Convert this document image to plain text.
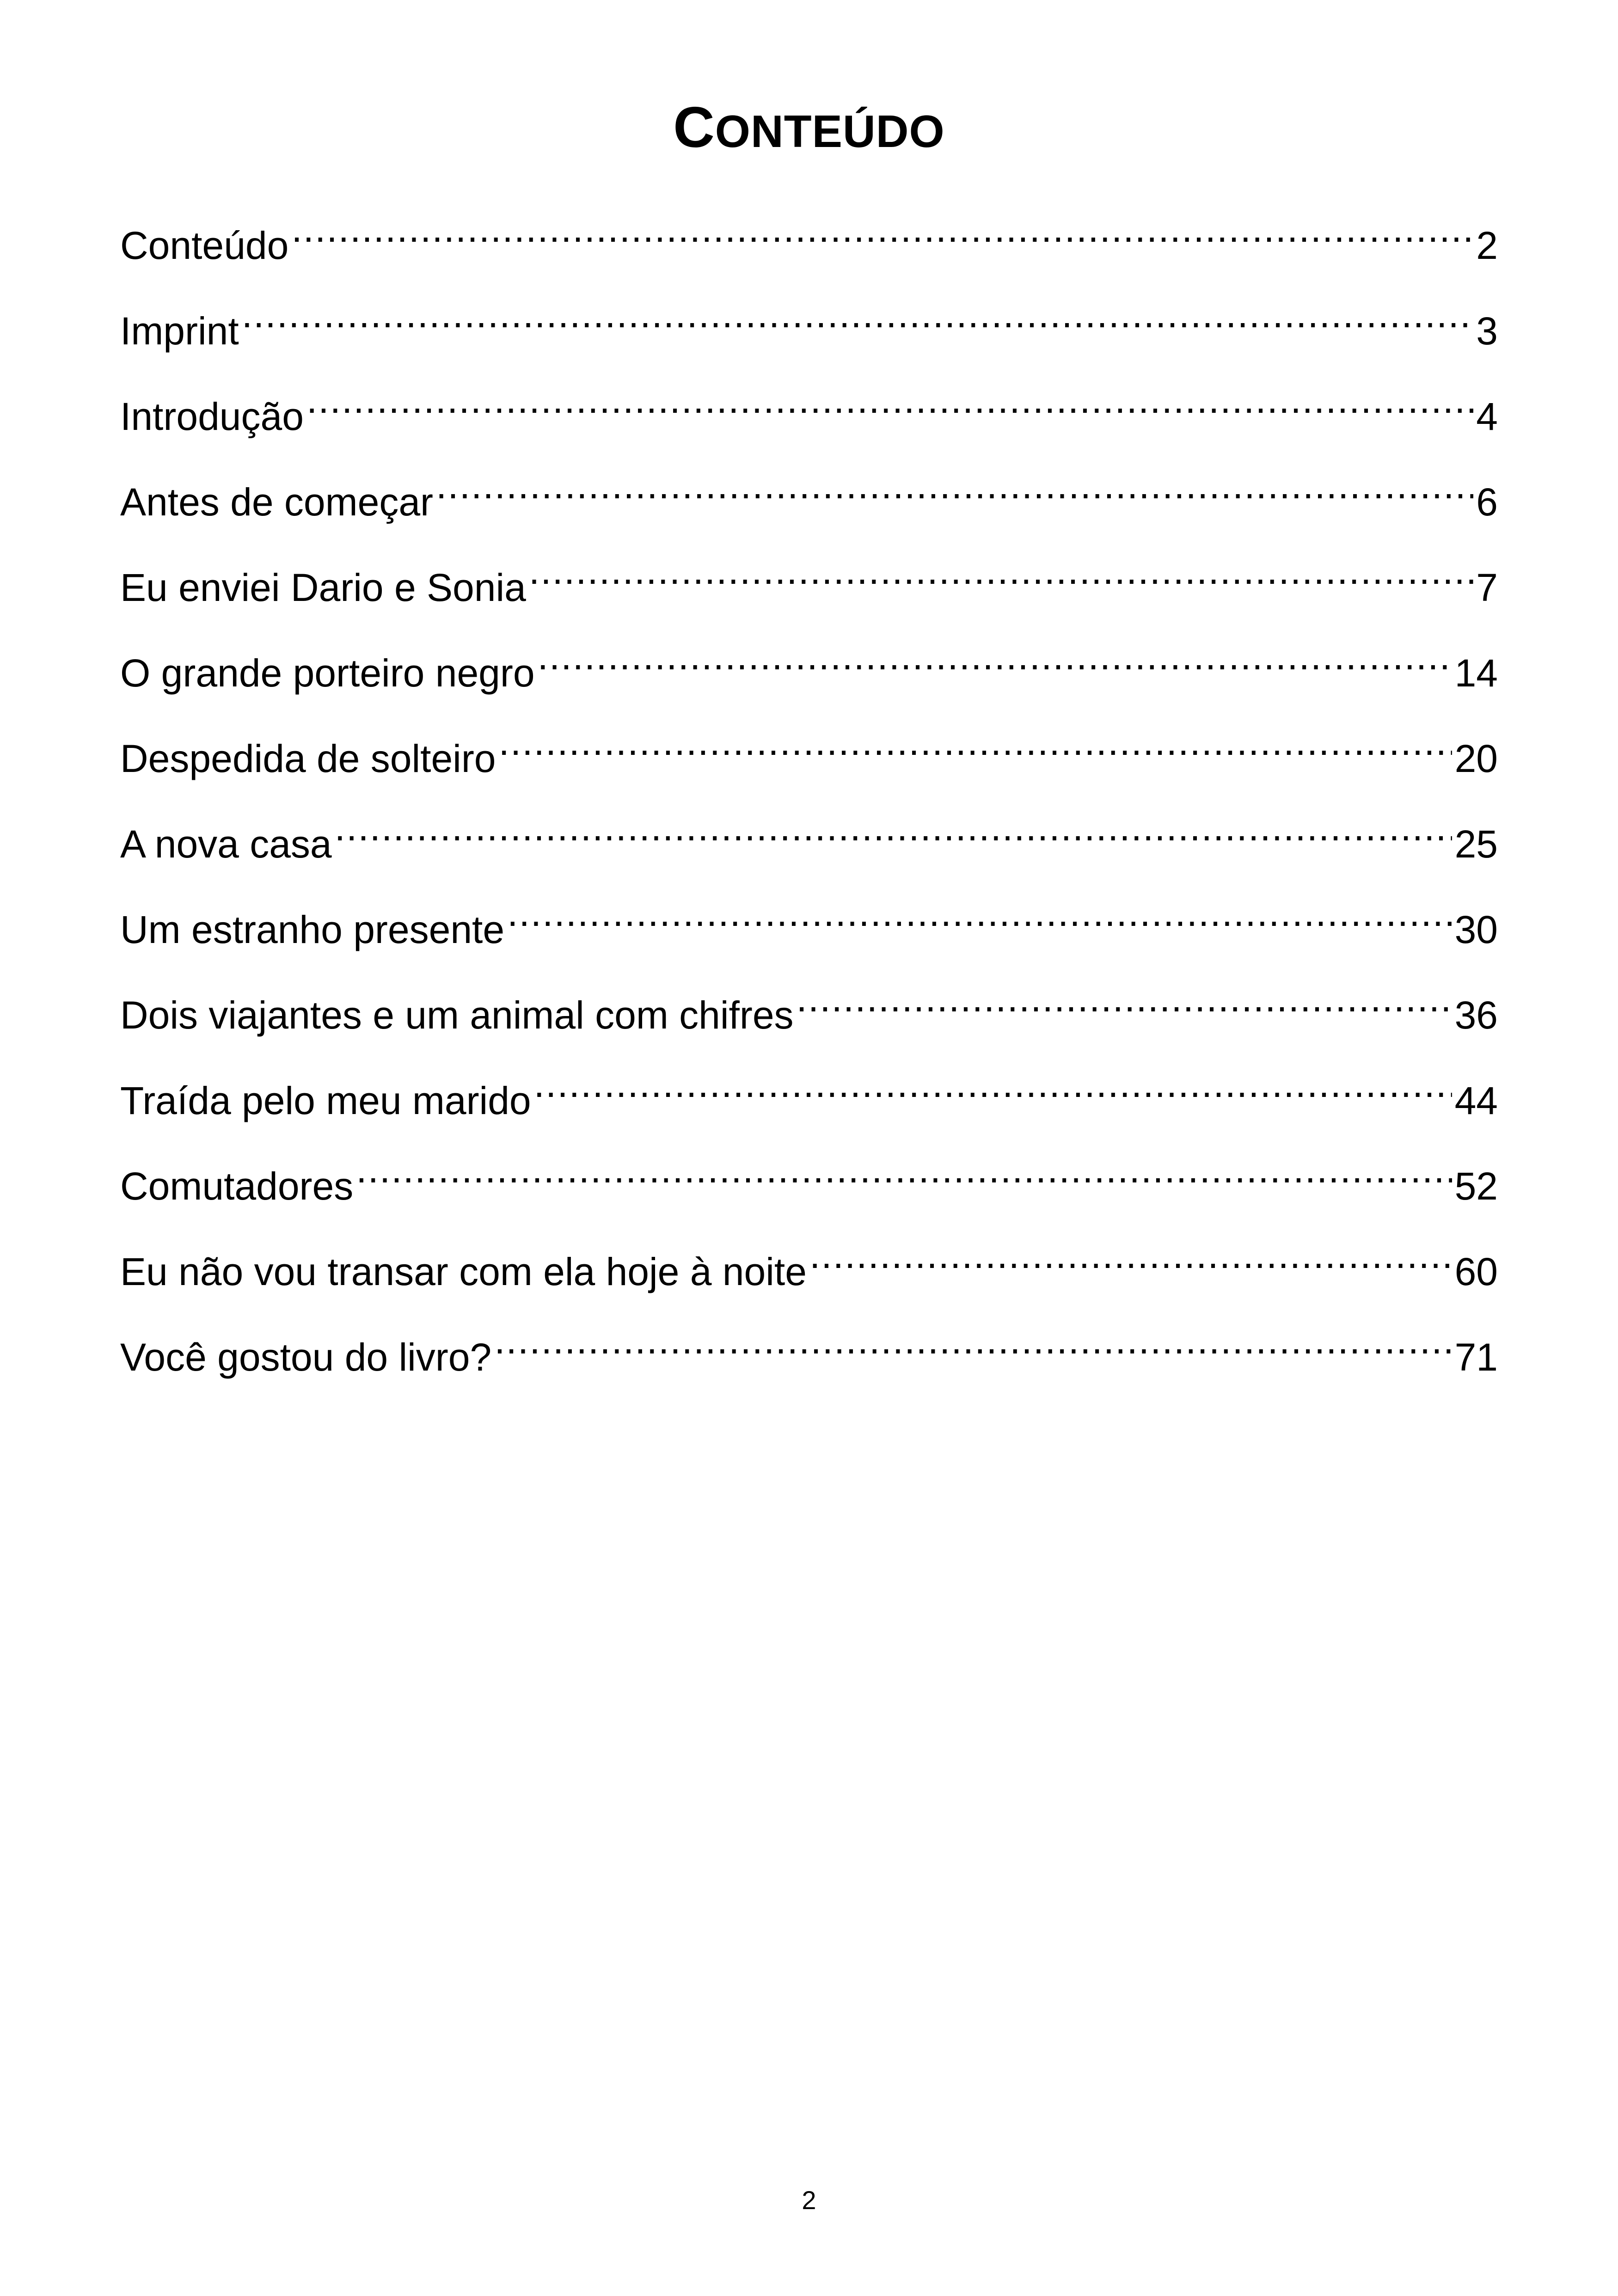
CONTEÚDO
Conteúdo .....	2
Imprint .....	3
Introdução .....	4
Antes de começar .....	6
Eu enviei Dario e Sonia .....	7
O grande porteiro negro .....	14
Despedida de solteiro .....	20
A nova casa .....	25
Um estranho presente .....	30
Dois viajantes e um animal com chifres .....	36
Traída pelo meu marido .....	44
Comutadores .....	52
Eu não vou transar com ela hoje à noite .....	60
Você gostou do livro? .....	71
2
